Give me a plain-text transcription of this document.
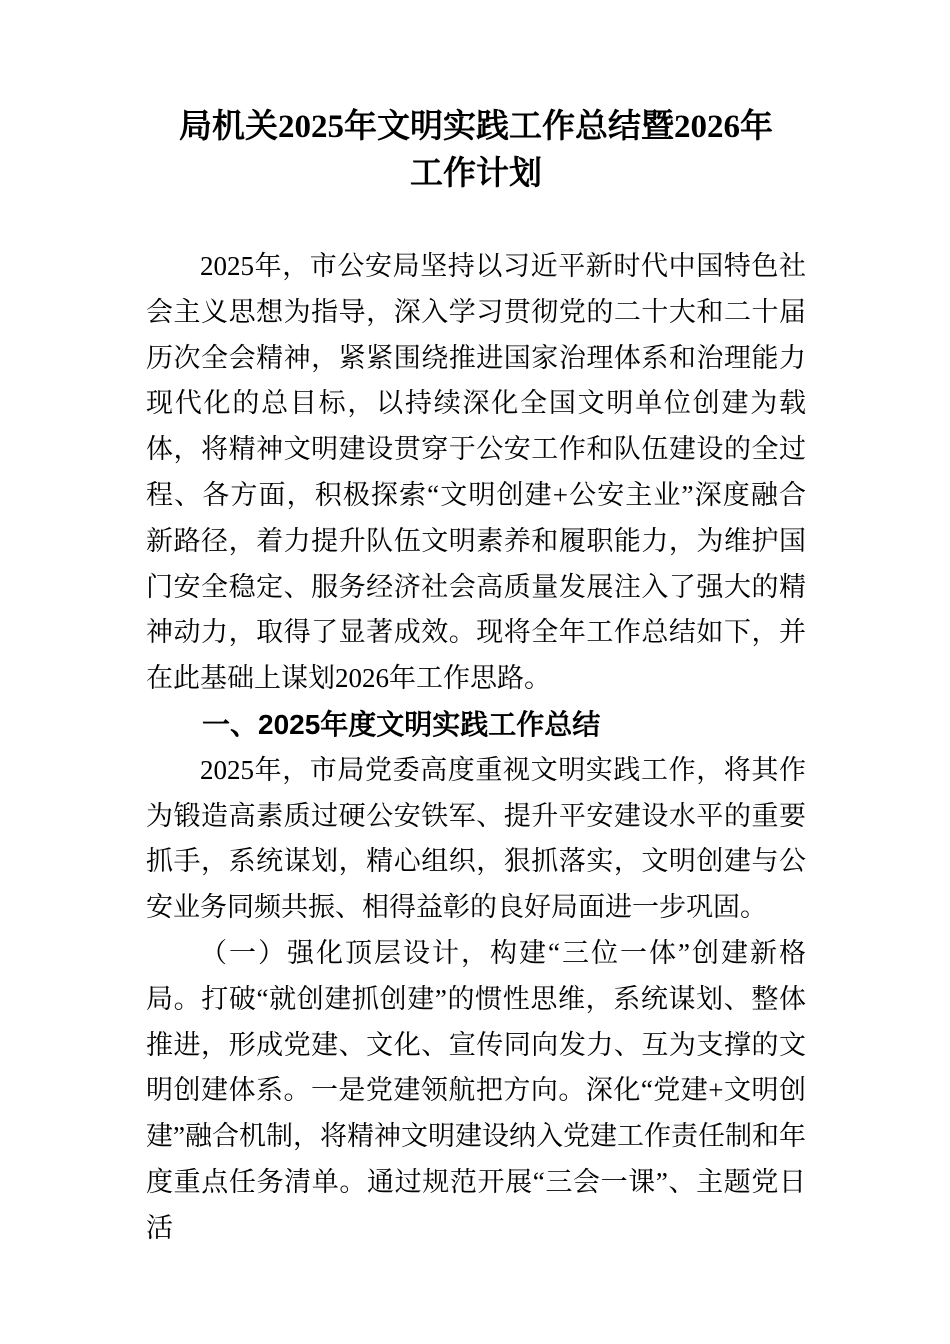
局机关2025年文明实践工作总结暨2026年
工作计划

2025年，市公安局坚持以习近平新时代中国特色社会主义思想为指导，深入学习贯彻党的二十大和二十届历次全会精神，紧紧围绕推进国家治理体系和治理能力现代化的总目标，以持续深化全国文明单位创建为载体，将精神文明建设贯穿于公安工作和队伍建设的全过程、各方面，积极探索“文明创建+公安主业”深度融合新路径，着力提升队伍文明素养和履职能力，为维护国门安全稳定、服务经济社会高质量发展注入了强大的精神动力，取得了显著成效。现将全年工作总结如下，并在此基础上谋划2026年工作思路。

一、2025年度文明实践工作总结

2025年，市局党委高度重视文明实践工作，将其作为锻造高素质过硬公安铁军、提升平安建设水平的重要抓手，系统谋划，精心组织，狠抓落实，文明创建与公安业务同频共振、相得益彰的良好局面进一步巩固。

（一）强化顶层设计，构建“三位一体”创建新格局。打破“就创建抓创建”的惯性思维，系统谋划、整体推进，形成党建、文化、宣传同向发力、互为支撑的文明创建体系。一是党建领航把方向。深化“党建+文明创建”融合机制，将精神文明建设纳入党建工作责任制和年度重点任务清单。通过规范开展“三会一课”、主题党日活
